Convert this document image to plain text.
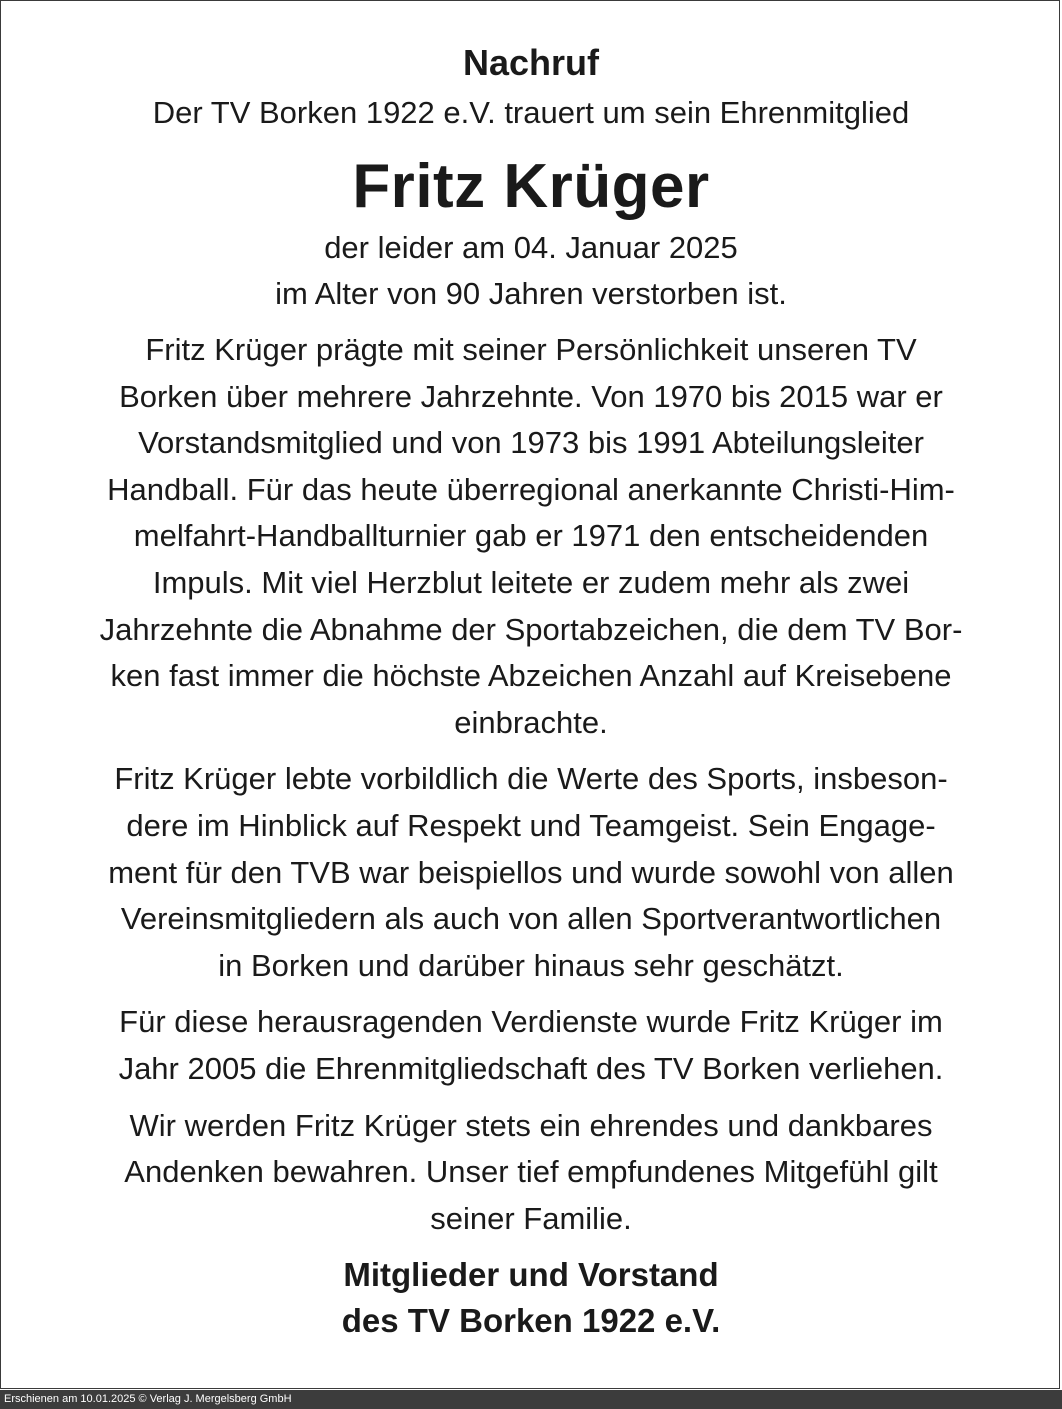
Nachruf
Der TV Borken 1922 e.V. trauert um sein Ehrenmitglied
Fritz Krüger
der leider am 04. Januar 2025
im Alter von 90 Jahren verstorben ist.
Fritz Krüger prägte mit seiner Persönlichkeit unseren TV
Borken über mehrere Jahrzehnte. Von 1970 bis 2015 war er
Vorstandsmitglied und von 1973 bis 1991 Abteilungsleiter
Handball. Für das heute überregional anerkannte Christi-Him-
melfahrt-Handballturnier gab er 1971 den entscheidenden
Impuls. Mit viel Herzblut leitete er zudem mehr als zwei
Jahrzehnte die Abnahme der Sportabzeichen, die dem TV Bor-
ken fast immer die höchste Abzeichen Anzahl auf Kreisebene
einbrachte.
Fritz Krüger lebte vorbildlich die Werte des Sports, insbeson-
dere im Hinblick auf Respekt und Teamgeist. Sein Engage-
ment für den TVB war beispiellos und wurde sowohl von allen
Vereinsmitgliedern als auch von allen Sportverantwortlichen
in Borken und darüber hinaus sehr geschätzt.
Für diese herausragenden Verdienste wurde Fritz Krüger im
Jahr 2005 die Ehrenmitgliedschaft des TV Borken verliehen.
Wir werden Fritz Krüger stets ein ehrendes und dankbares
Andenken bewahren. Unser tief empfundenes Mitgefühl gilt
seiner Familie.
Mitglieder und Vorstand
des TV Borken 1922 e.V.
Erschienen am 10.01.2025 © Verlag J. Mergelsberg GmbH
